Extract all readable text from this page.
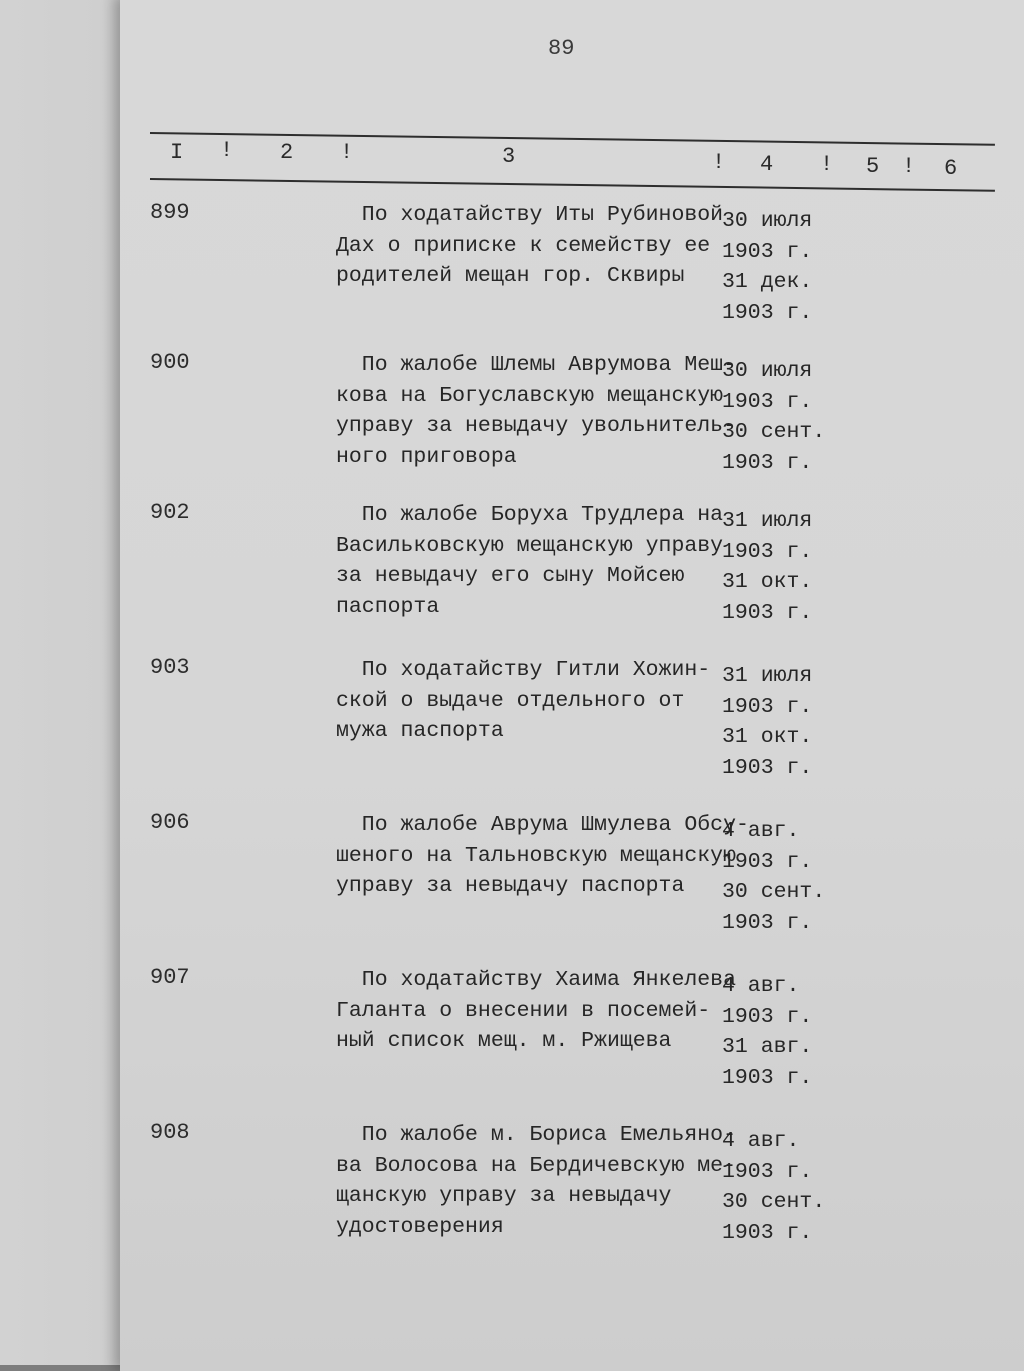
89
I ! 2 !	3	! 4 ! 5 ! 6
899	По ходатайству Иты Рубиновой
Дах о приписке к семейству ее
родителей мещан гор. Сквиры
30 июля
1903 г.
31 дек.
1903 г.
900	По жалобе Шлемы Аврумова Меш-
кова на Богуславскую мещанскую
управу за невыдачу увольнитель-
ного приговора
30 июля
1903 г.
30 сент.
1903 г.
902	По жалобе Боруха Трудлера на
Васильковскую мещанскую управу
за невыдачу его сыну Мойсею
паспорта
31 июля
1903 г.
31 окт.
1903 г.
903	По ходатайству Гитли Хожин-
ской о выдаче отдельного от
мужа паспорта
31 июля
1903 г.
31 окт.
1903 г.
906	По жалобе Аврума Шмулева Обсу-
шеного на Тальновскую мещанскую
управу за невыдачу паспорта
4 авг.
1903 г.
30 сент.
1903 г.
907	По ходатайству Хаима Янкелева
Галанта о внесении в посемей-
ный список мещ. м. Ржищева
4 авг.
1903 г.
31 авг.
1903 г.
908	По жалобе м. Бориса Емельяно-
ва Волосова на Бердичевскую ме-
щанскую управу за невыдачу
удостоверения
4 авг.
1903 г.
30 сент.
1903 г.
